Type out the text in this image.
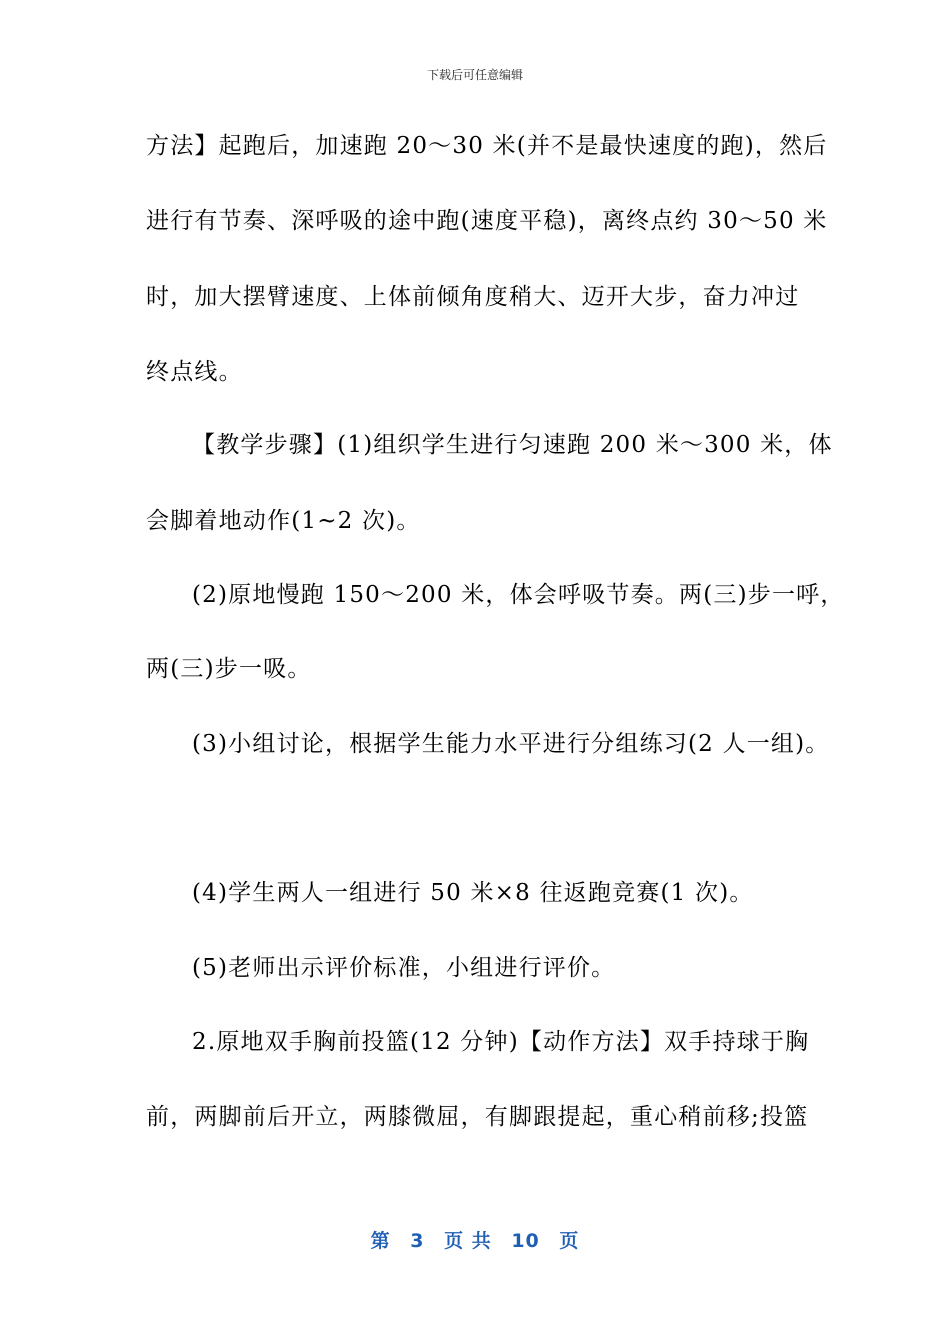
下载后可任意编辑
方法】起跑后，加速跑 20～30 米(并不是最快速度的跑)，然后
进行有节奏、深呼吸的途中跑(速度平稳)，离终点约 30～50 米
时，加大摆臂速度、上体前倾角度稍大、迈开大步，奋力冲过
终点线。
【教学步骤】(1)组织学生进行匀速跑 200 米～300 米，体
会脚着地动作(1~2 次)。
(2)原地慢跑 150～200 米，体会呼吸节奏。两(三)步一呼，
两(三)步一吸。
(3)小组讨论，根据学生能力水平进行分组练习(2 人一组)。
(4)学生两人一组进行 50 米×8 往返跑竞赛(1 次)。
(5)老师出示评价标准，小组进行评价。
2.原地双手胸前投篮(12 分钟)【动作方法】双手持球于胸
前，两脚前后开立，两膝微屈，有脚跟提起，重心稍前移;投篮
第 3 页 共 10 页
